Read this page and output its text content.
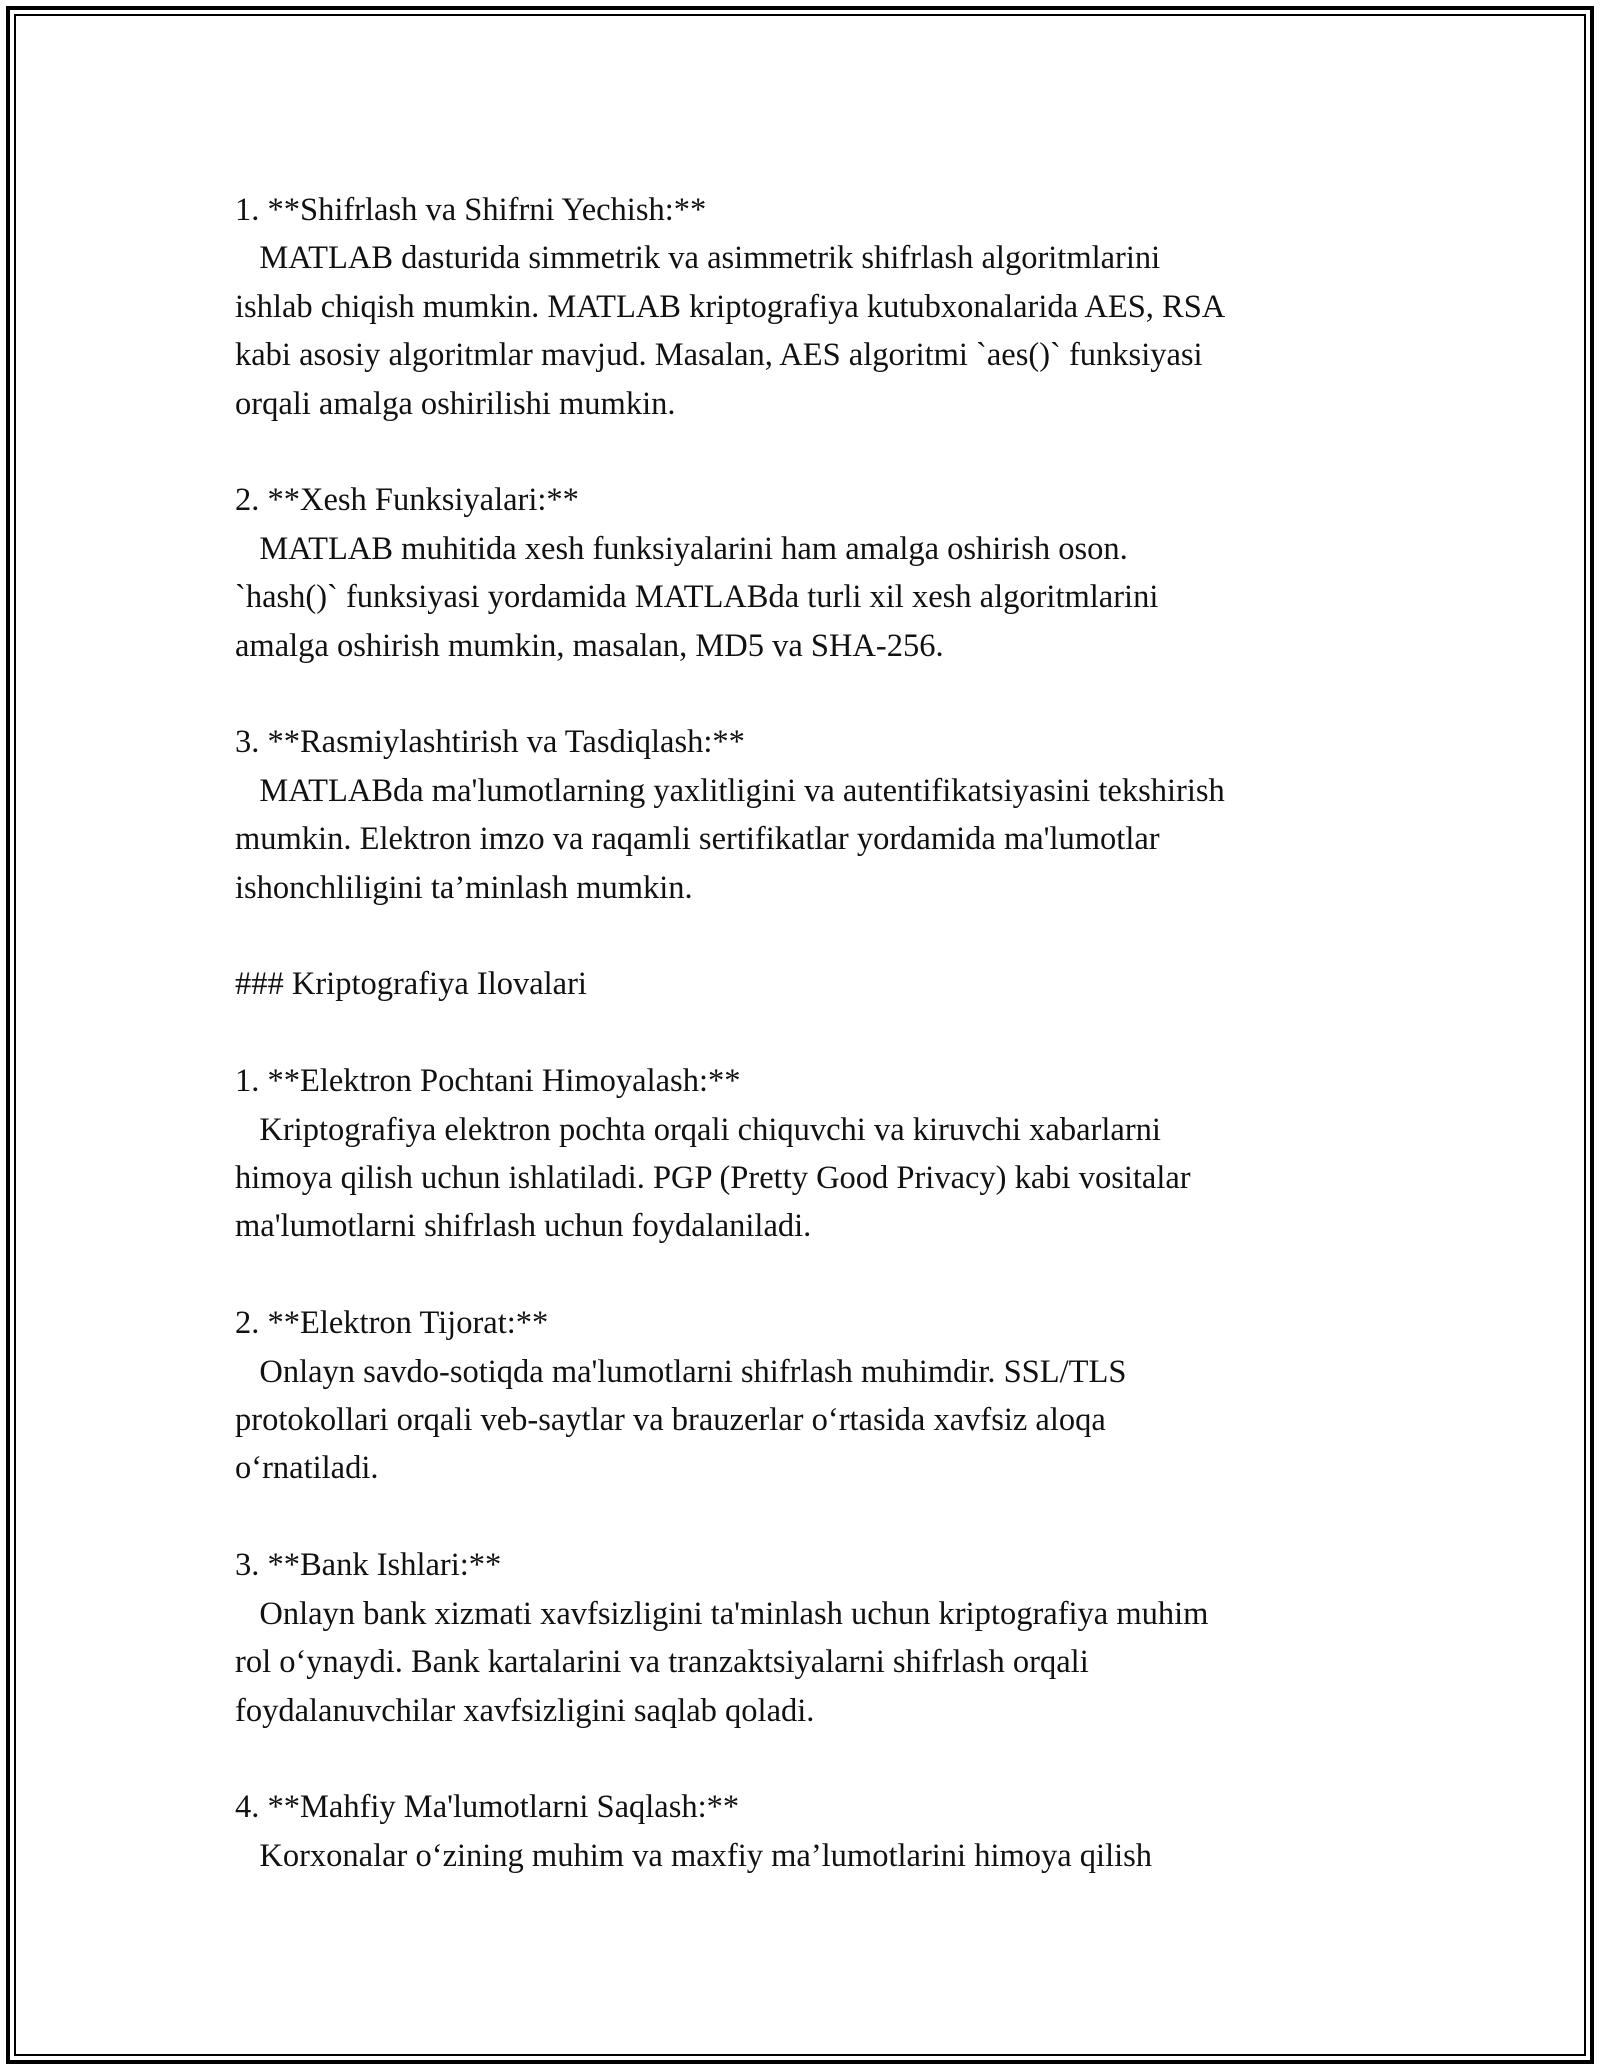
1. **Shifrlash va Shifrni Yechish:**

MATLAB dasturida simmetrik va asimmetrik shifrlash algoritmlarini
ishlab chiqish mumkin. MATLAB kriptografiya kutubxonalarida AES, RSA
kabi asosiy algoritmlar mavjud. Masalan, AES algoritmi `aes()` funksiyasi
orqali amalga oshirilishi mumkin.

2. **Xesh Funksiyalari:**

MATLAB muhitida xesh funksiyalarini ham amalga oshirish oson.
`hash()` funksiyasi yordamida MATLABda turli xil xesh algoritmlarini
amalga oshirish mumkin, masalan, MD5 va SHA-256.

3. **Rasmiylashtirish va Tasdiqlash:**

MATLABda ma'lumotlarning yaxlitligini va autentifikatsiyasini tekshirish
mumkin. Elektron imzo va raqamli sertifikatlar yordamida ma'lumotlar
ishonchliligini ta’minlash mumkin.

### Kriptografiya Ilovalari

1. **Elektron Pochtani Himoyalash:**

Kriptografiya elektron pochta orqali chiquvchi va kiruvchi xabarlarni
himoya qilish uchun ishlatiladi. PGP (Pretty Good Privacy) kabi vositalar
ma'lumotlarni shifrlash uchun foydalaniladi.

2. **Elektron Tijorat:**

Onlayn savdo-sotiqda ma'lumotlarni shifrlash muhimdir. SSL/TLS
protokollari orqali veb-saytlar va brauzerlar o‘rtasida xavfsiz aloqa
o‘rnatiladi.

3. **Bank Ishlari:**

Onlayn bank xizmati xavfsizligini ta'minlash uchun kriptografiya muhim
rol o‘ynaydi. Bank kartalarini va tranzaktsiyalarni shifrlash orqali
foydalanuvchilar xavfsizligini saqlab qoladi.

4. **Mahfiy Ma'lumotlarni Saqlash:**

Korxonalar o‘zining muhim va maxfiy ma’lumotlarini himoya qilish
